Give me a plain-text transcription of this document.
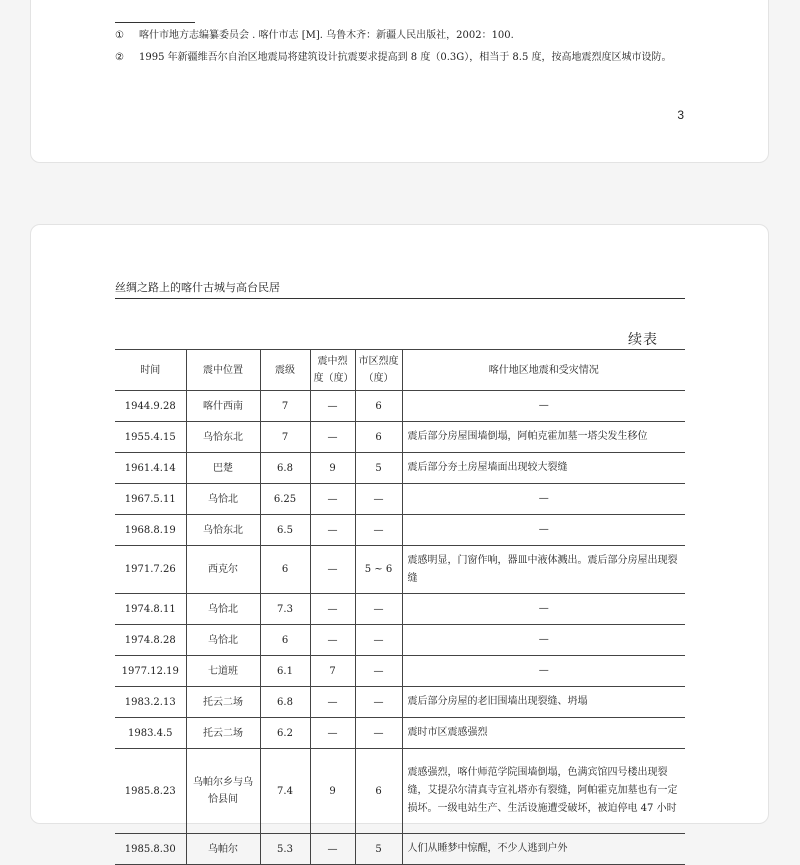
①	喀什市地方志编纂委员会 . 喀什市志 [M]. 乌鲁木齐：新疆人民出版社，2002：100.
②	1995 年新疆维吾尔自治区地震局将建筑设计抗震要求提高到 8 度（0.3G），相当于 8.5 度，按高地震烈度区城市设防。
3
丝绸之路上的喀什古城与高台民居
续表
时间	震中位置	震级	震中烈度（度）	市区烈度（度）	喀什地区地震和受灾情况
1944.9.28	喀什西南	7	—	6	—
1955.4.15	乌恰东北	7	—	6	震后部分房屋围墙倒塌，阿帕克霍加墓一塔尖发生移位
1961.4.14	巴楚	6.8	9	5	震后部分夯土房屋墙面出现较大裂缝
1967.5.11	乌恰北	6.25	—	—	—
1968.8.19	乌恰东北	6.5	—	—	—
1971.7.26	西克尔	6	—	5 ~ 6	震感明显，门窗作响，器皿中液体溅出。震后部分房屋出现裂缝
1974.8.11	乌恰北	7.3	—	—	—
1974.8.28	乌恰北	6	—	—	—
1977.12.19	七道班	6.1	7	—	—
1983.2.13	托云二场	6.8	—	—	震后部分房屋的老旧围墙出现裂缝、坍塌
1983.4.5	托云二场	6.2	—	—	震时市区震感强烈
1985.8.23	乌帕尔乡与乌恰县间	7.4	9	6	震感强烈，喀什师范学院围墙倒塌，色满宾馆四号楼出现裂缝，艾提尕尔清真寺宣礼塔亦有裂缝，阿帕霍克加墓也有一定损坏。一级电站生产、生活设施遭受破坏，被迫停电 47 小时
1985.8.30	乌帕尔	5.3	—	5	人们从睡梦中惊醒，不少人逃到户外
